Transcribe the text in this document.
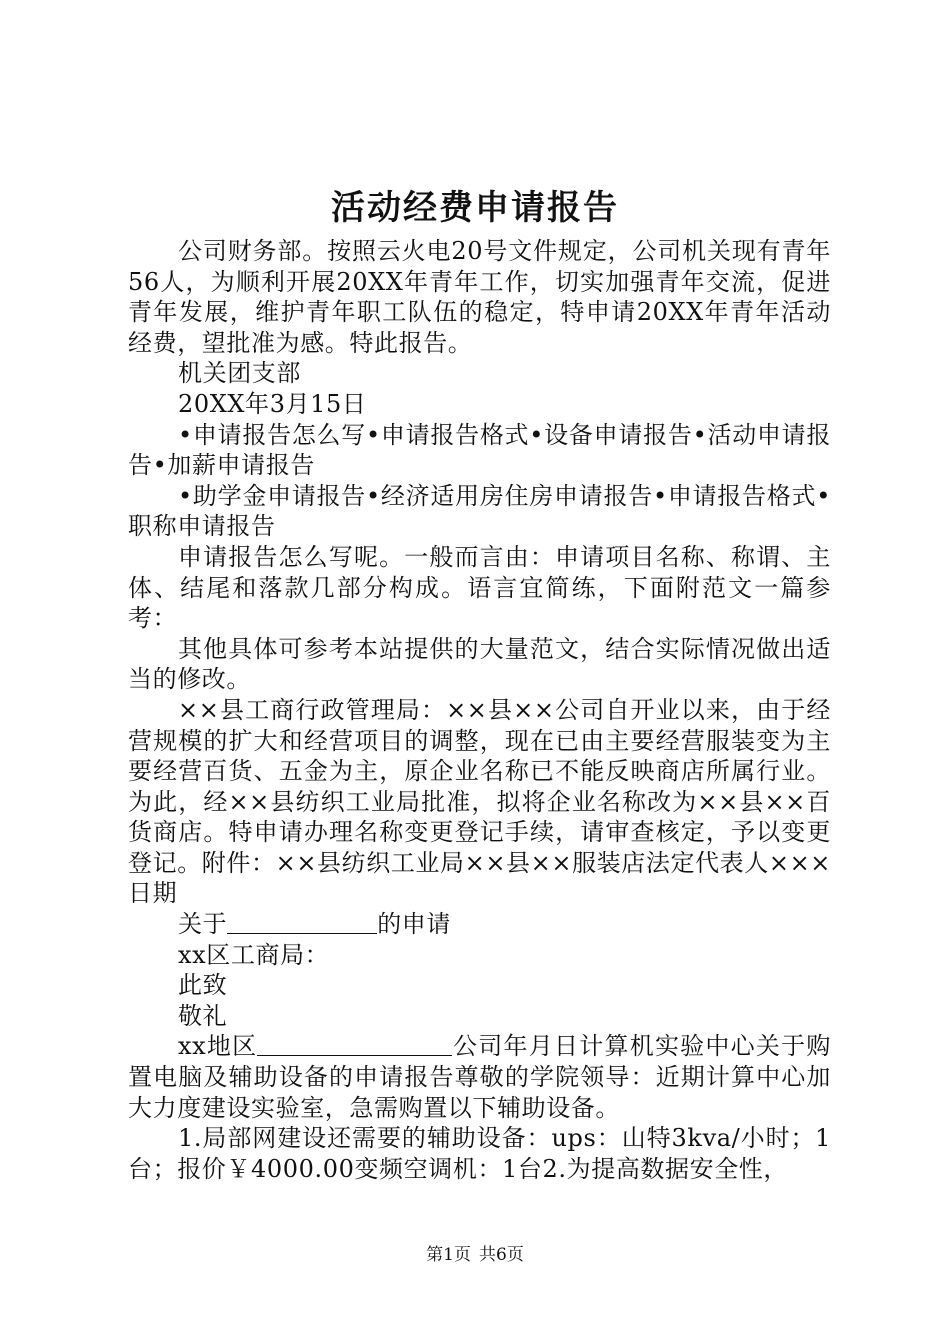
活动经费申请报告

公司财务部。按照云火电20号文件规定，公司机关现有青年56人，为顺利开展20XX年青年工作，切实加强青年交流，促进青年发展，维护青年职工队伍的稳定，特申请20XX年青年活动经费，望批准为感。特此报告。

机关团支部

20XX年3月15日

•申请报告怎么写•申请报告格式•设备申请报告•活动申请报告•加薪申请报告

•助学金申请报告•经济适用房住房申请报告•申请报告格式•职称申请报告

申请报告怎么写呢。一般而言由：申请项目名称、称谓、主体、结尾和落款几部分构成。语言宜简练，下面附范文一篇参考：

其他具体可参考本站提供的大量范文，结合实际情况做出适当的修改。

××县工商行政管理局：××县××公司自开业以来，由于经营规模的扩大和经营项目的调整，现在已由主要经营服装变为主要经营百货、五金为主，原企业名称已不能反映商店所属行业。为此，经××县纺织工业局批准，拟将企业名称改为××县××百货商店。特申请办理名称变更登记手续，请审查核定，予以变更登记。附件：××县纺织工业局××县××服装店法定代表人×××日期

关于	的申请

xx区工商局：

此致

敬礼

xx地区	公司年月日计算机实验中心关于购置电脑及辅助设备的申请报告尊敬的学院领导：近期计算中心加大力度建设实验室，急需购置以下辅助设备。

1.局部网建设还需要的辅助设备：ups：山特3kva/小时；1台；报价￥4000.00变频空调机：1台2.为提高数据安全性，

第1页 共6页
